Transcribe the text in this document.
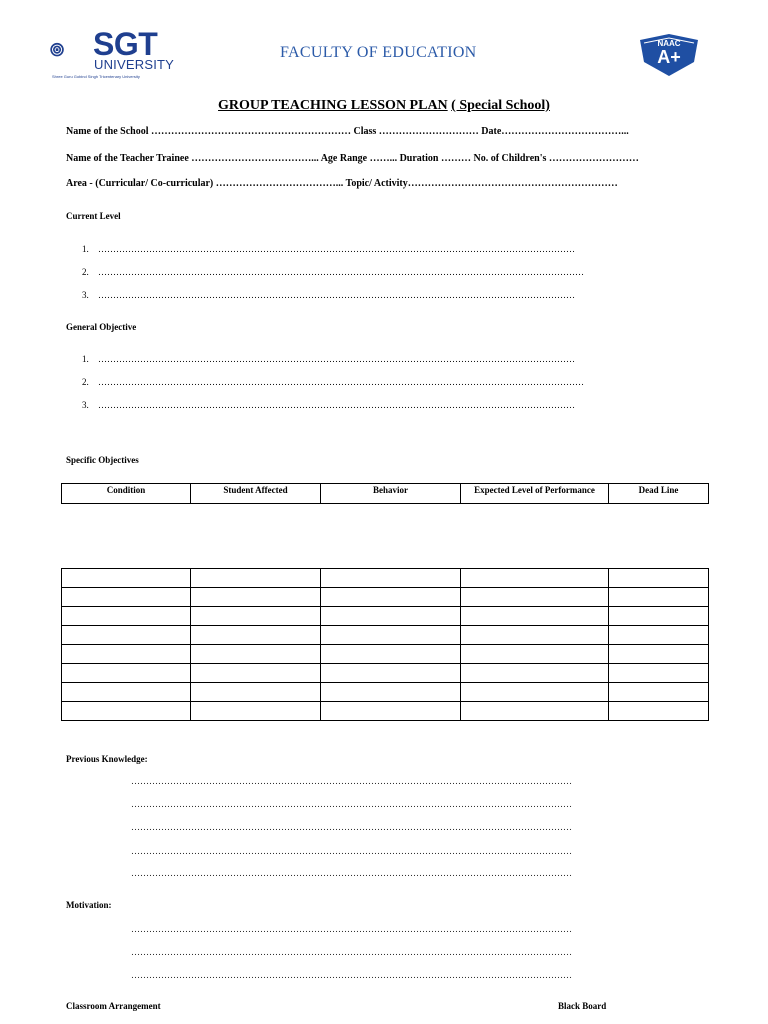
SGT
UNIVERSITY
Shree Guru Gobind Singh Tricentenary University
FACULTY OF EDUCATION
NAAC
A+
GROUP TEACHING LESSON PLAN ( Special School)
Name of the School …………………………………………………… Class ………………………… Date………………………………...
Name of the Teacher Trainee ………………………………... Age Range ……... Duration ……… No. of Children's ………………………
Area - (Curricular/ Co-curricular) ………………………………... Topic/ Activity………………………………………………………
Current Level
1. ……………………………………………………………………………………………………………………………………………
2. ………………………………………………………………………………………………………………………………………………
3. ……………………………………………………………………………………………………………………………………………
General Objective
1. ……………………………………………………………………………………………………………………………………………
2. ………………………………………………………………………………………………………………………………………………
3. ……………………………………………………………………………………………………………………………………………
Specific Objectives
Condition	Student Affected	Behavior	Expected Level of Performance	Dead Line

Previous Knowledge:
…………………………………………………………………………………………………………………………………
…………………………………………………………………………………………………………………………………
…………………………………………………………………………………………………………………………………
…………………………………………………………………………………………………………………………………
…………………………………………………………………………………………………………………………………
Motivation:
…………………………………………………………………………………………………………………………………
…………………………………………………………………………………………………………………………………
…………………………………………………………………………………………………………………………………
Classroom Arrangement	Black Board
